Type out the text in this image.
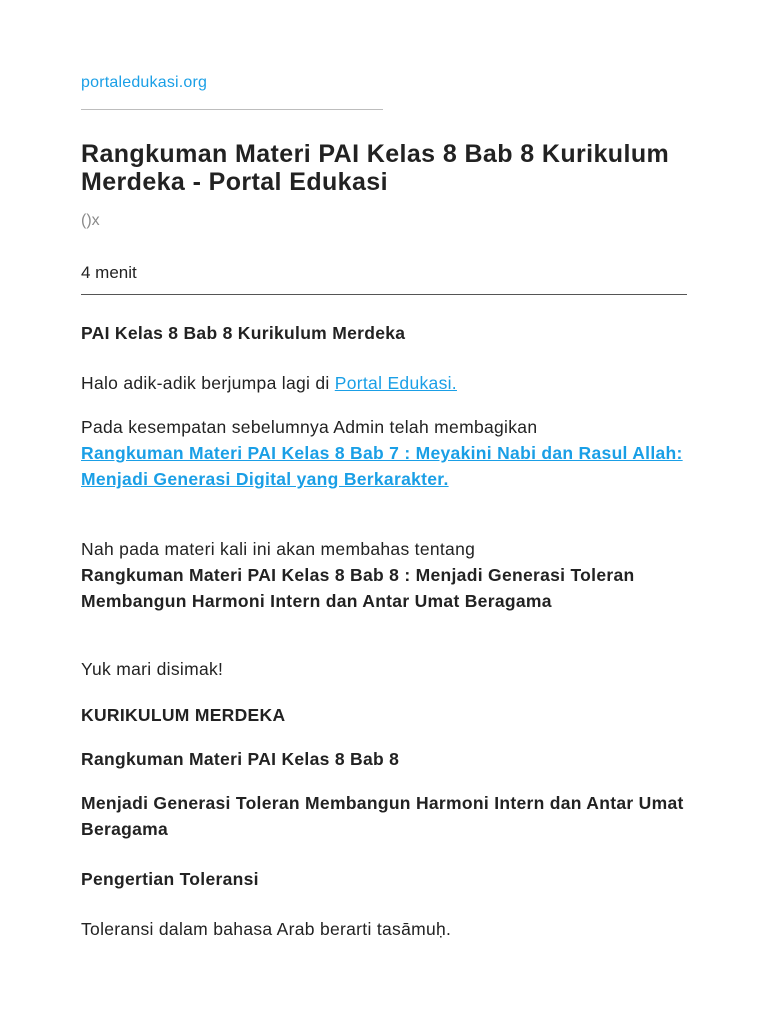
portaledukasi.org
Rangkuman Materi PAI Kelas 8 Bab 8 Kurikulum Merdeka - Portal Edukasi
()x
4 menit

PAI Kelas 8 Bab 8 Kurikulum Merdeka

Halo adik-adik berjumpa lagi di Portal Edukasi.

Pada kesempatan sebelumnya Admin telah membagikan
Rangkuman Materi PAI Kelas 8 Bab 7 : Meyakini Nabi dan Rasul Allah: Menjadi Generasi Digital yang Berkarakter.

Nah pada materi kali ini akan membahas tentang
Rangkuman Materi PAI Kelas 8 Bab 8 : Menjadi Generasi Toleran Membangun Harmoni Intern dan Antar Umat Beragama

Yuk mari disimak!

KURIKULUM MERDEKA

Rangkuman Materi PAI Kelas 8 Bab 8

Menjadi Generasi Toleran Membangun Harmoni Intern dan Antar Umat Beragama

Pengertian Toleransi

Toleransi dalam bahasa Arab berarti tasāmuḥ.
